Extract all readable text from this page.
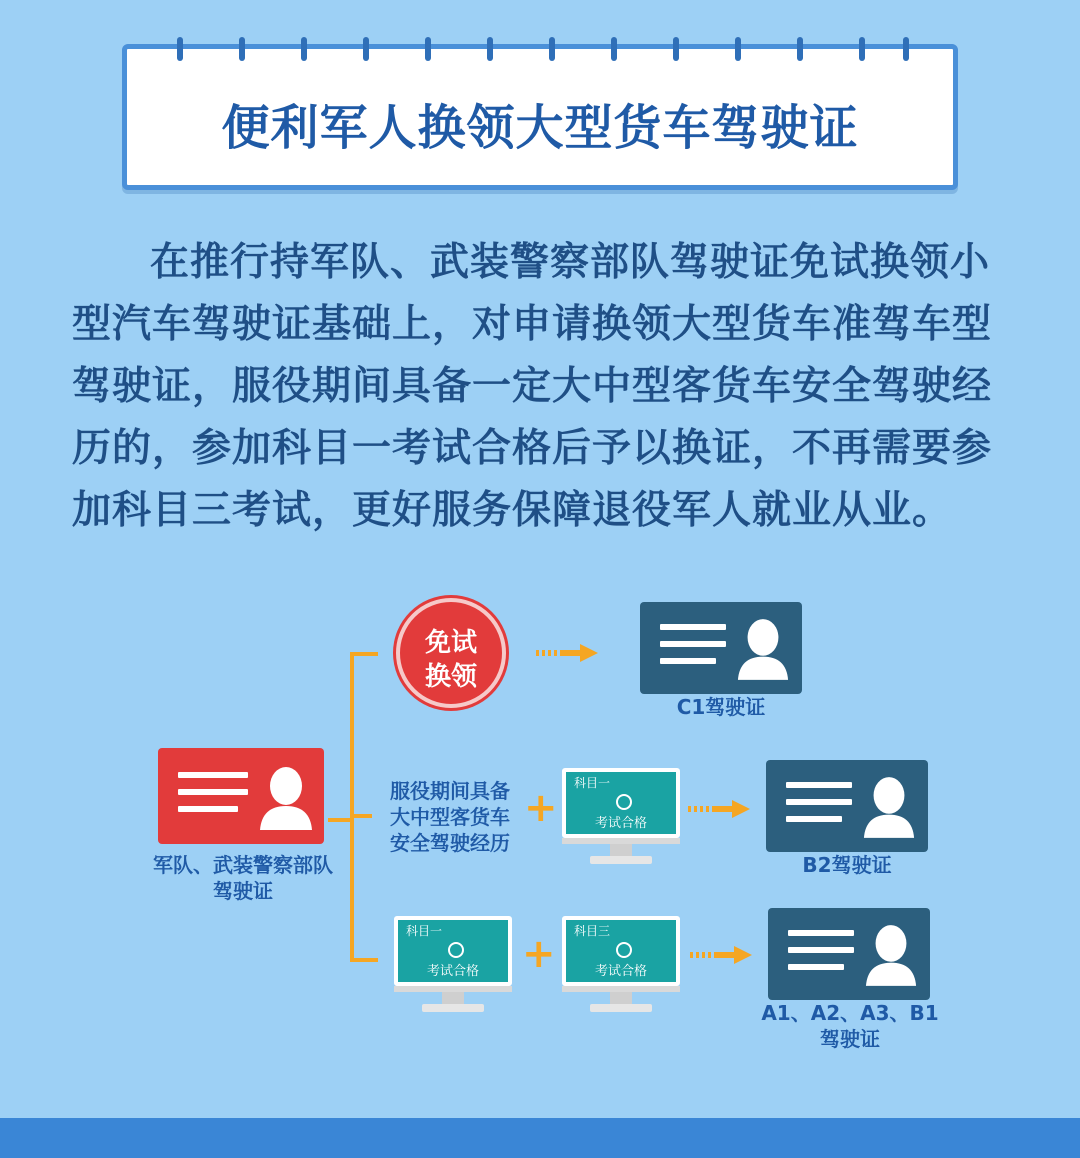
便利军人换领大型货车驾驶证
在推行持军队、武装警察部队驾驶证免试换领小型汽车驾驶证基础上，对申请换领大型货车准驾车型驾驶证，服役期间具备一定大中型客货车安全驾驶经历的，参加科目一考试合格后予以换证，不再需要参加科目三考试，更好服务保障退役军人就业从业。
军队、武装警察部队
驾驶证
免试
换领
C1驾驶证
服役期间具备
大中型客货车
安全驾驶经历
+
科目一
考试合格
B2驾驶证
科目一
考试合格	+ 科目三
考试合格
A1、A2、A3、B1
驾驶证
